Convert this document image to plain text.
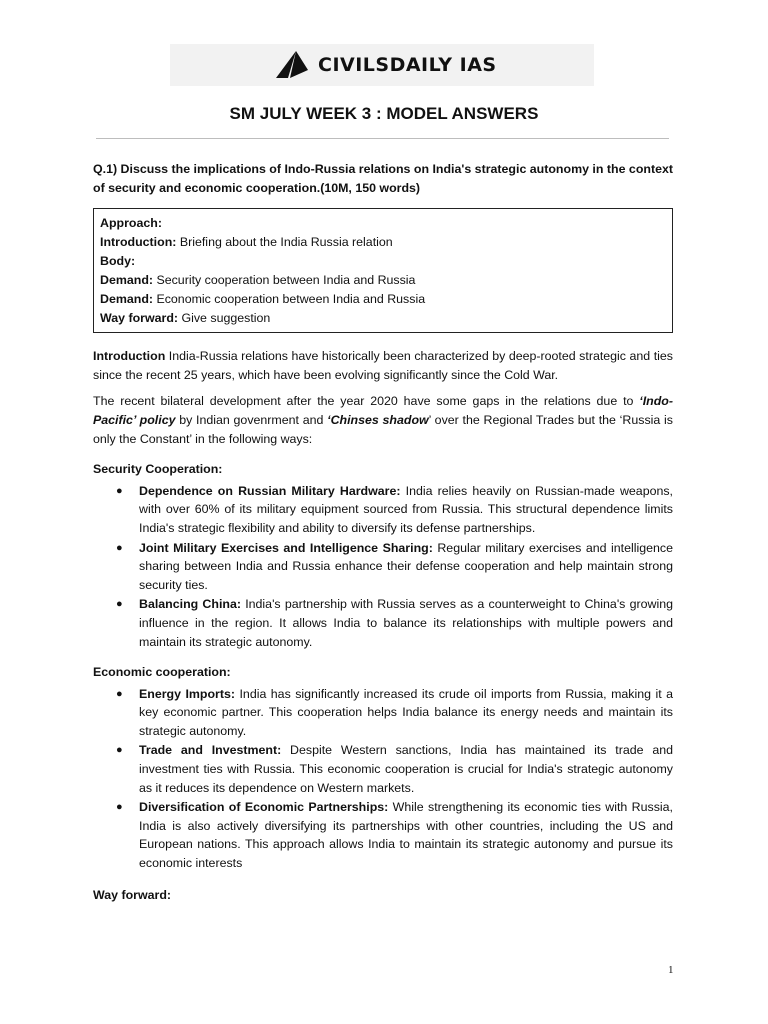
CIVILSDAILY IAS
SM JULY WEEK 3 : MODEL ANSWERS
Q.1) Discuss the implications of Indo-Russia relations on India's strategic autonomy in the context of security and economic cooperation.(10M, 150 words)
Approach:
Introduction: Briefing about the India Russia relation
Body:
Demand: Security cooperation between India and Russia
Demand: Economic cooperation between India and Russia
Way forward: Give suggestion

Introduction India-Russia relations have historically been characterized by deep-rooted strategic and ties since the recent 25 years, which have been evolving significantly since the Cold War.

The recent bilateral development after the year 2020 have some gaps in the relations due to ‘Indo-Pacific’ policy by Indian govenrment and ‘Chinses shadow’ over the Regional Trades but the ‘Russia is only the Constant’ in the following ways:

Security Cooperation:
● Dependence on Russian Military Hardware: India relies heavily on Russian-made weapons, with over 60% of its military equipment sourced from Russia. This structural dependence limits India's strategic flexibility and ability to diversify its defense partnerships.
● Joint Military Exercises and Intelligence Sharing: Regular military exercises and intelligence sharing between India and Russia enhance their defense cooperation and help maintain strong security ties.
● Balancing China: India's partnership with Russia serves as a counterweight to China's growing influence in the region. It allows India to balance its relationships with multiple powers and maintain its strategic autonomy.
Economic cooperation:
● Energy Imports: India has significantly increased its crude oil imports from Russia, making it a key economic partner. This cooperation helps India balance its energy needs and maintain its strategic autonomy.
● Trade and Investment: Despite Western sanctions, India has maintained its trade and investment ties with Russia. This economic cooperation is crucial for India's strategic autonomy as it reduces its dependence on Western markets.
● Diversification of Economic Partnerships: While strengthening its economic ties with Russia, India is also actively diversifying its partnerships with other countries, including the US and European nations. This approach allows India to maintain its strategic autonomy and pursue its economic interests
Way forward:
1
